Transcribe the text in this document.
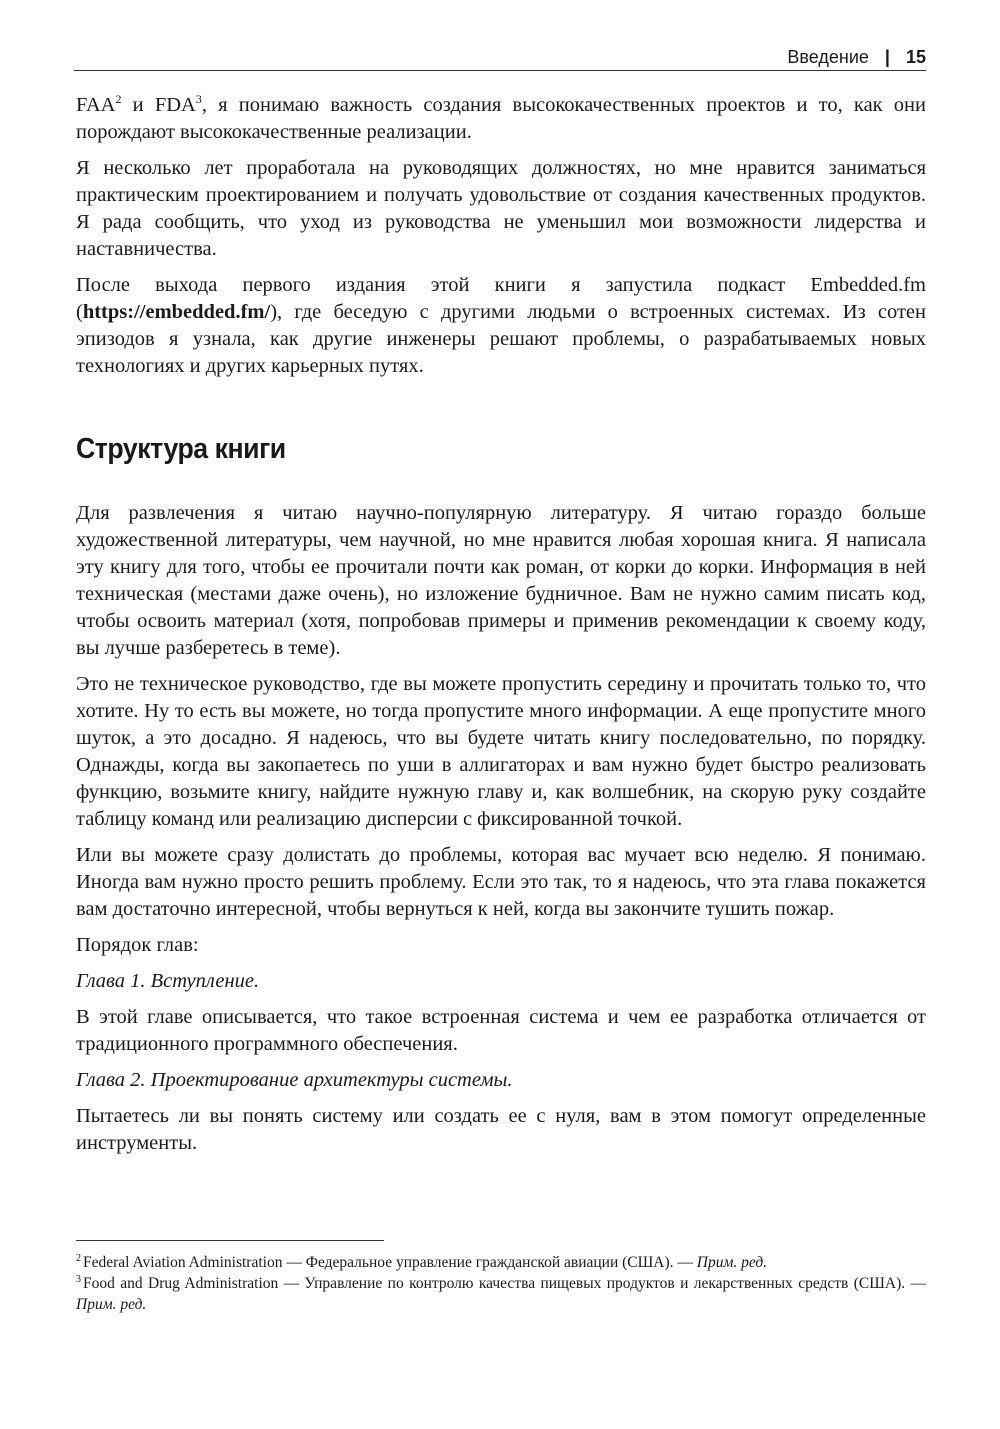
Введение | 15

FAA$^2$ и FDA$^3$, я понимаю важность создания высококачественных проектов и то, как они порождают высококачественные реализации.

Я несколько лет проработала на руководящих должностях, но мне нравится заниматься практическим проектированием и получать удовольствие от создания качественных продуктов. Я рада сообщить, что уход из руководства не уменьшил мои возможности лидерства и наставничества.

После выхода первого издания этой книги я запустила подкаст Embedded.fm (https://embedded.fm/), где беседую с другими людьми о встроенных системах. Из сотен эпизодов я узнала, как другие инженеры решают проблемы, о разрабатываемых новых технологиях и других карьерных путях.

Структура книги

Для развлечения я читаю научно-популярную литературу. Я читаю гораздо больше художественной литературы, чем научной, но мне нравится любая хорошая книга. Я написала эту книгу для того, чтобы ее прочитали почти как роман, от корки до корки. Информация в ней техническая (местами даже очень), но изложение будничное. Вам не нужно самим писать код, чтобы освоить материал (хотя, попробовав примеры и применив рекомендации к своему коду, вы лучше разберетесь в теме).

Это не техническое руководство, где вы можете пропустить середину и прочитать только то, что хотите. Ну то есть вы можете, но тогда пропустите много информации. А еще пропустите много шуток, а это досадно. Я надеюсь, что вы будете читать книгу последовательно, по порядку. Однажды, когда вы закопаетесь по уши в аллигаторах и вам нужно будет быстро реализовать функцию, возьмите книгу, найдите нужную главу и, как волшебник, на скорую руку создайте таблицу команд или реализацию дисперсии с фиксированной точкой.

Или вы можете сразу долистать до проблемы, которая вас мучает всю неделю. Я понимаю. Иногда вам нужно просто решить проблему. Если это так, то я надеюсь, что эта глава покажется вам достаточно интересной, чтобы вернуться к ней, когда вы закончите тушить пожар.

Порядок глав:

Глава 1. Вступление.

В этой главе описывается, что такое встроенная система и чем ее разработка отличается от традиционного программного обеспечения.

Глава 2. Проектирование архитектуры системы.

Пытаетесь ли вы понять систему или создать ее с нуля, вам в этом помогут определенные инструменты.

$^2$ Federal Aviation Administration — Федеральное управление гражданской авиации (США). — Прим. ред.

$^3$ Food and Drug Administration — Управление по контролю качества пищевых продуктов и лекарственных средств (США). — Прим. ред.
